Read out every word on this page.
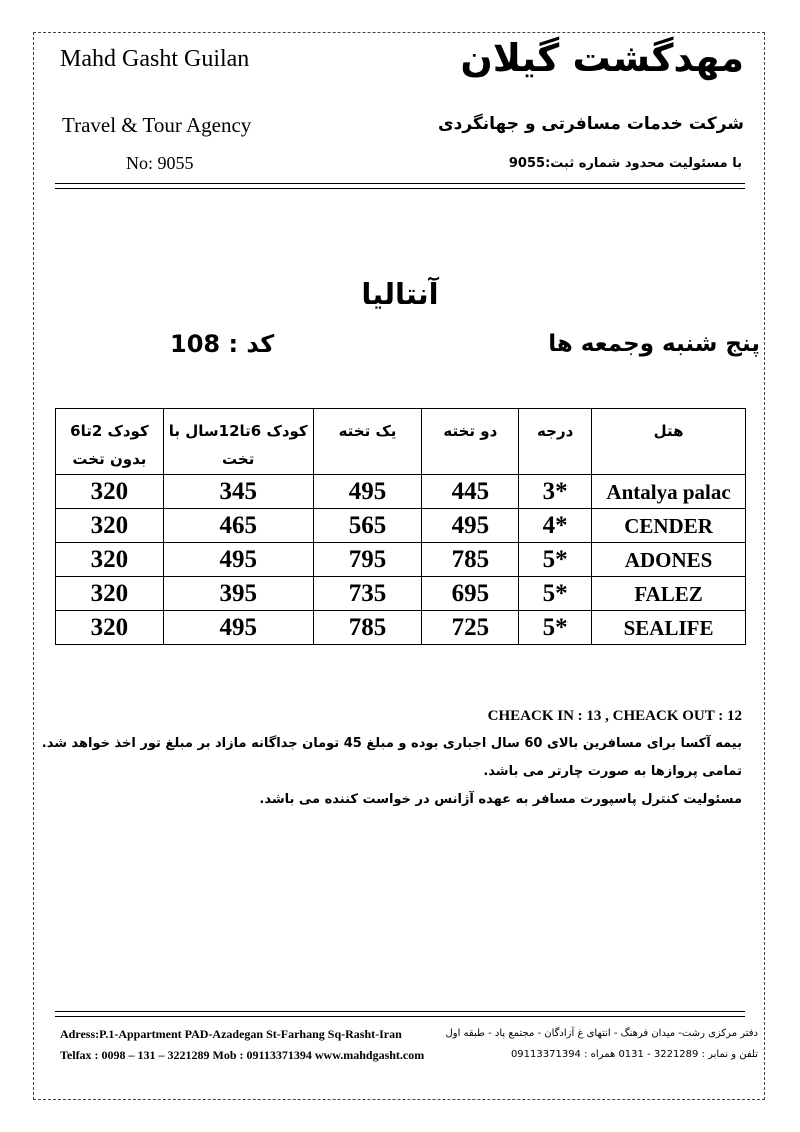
Mahd Gasht Guilan	مهدگشت گیلان
Travel & Tour Agency	شرکت خدمات مسافرتی و جهانگردی
No: 9055	با مسئولیت محدود شماره ثبت:9055
آنتالیا
کد : 108	پنج شنبه وجمعه ها
کودک 2تا6 بدون تخت	کودک 6تا12سال با تخت	یک تخته	دو تخته	درجه	هتل
320	345	495	445	3*	Antalya palac
320	465	565	495	4*	CENDER
320	495	795	785	5*	ADONES
320	395	735	695	5*	FALEZ
320	495	785	725	5*	SEALIFE
CHEACK IN : 13 , CHEACK OUT : 12
بیمه آکسا برای مسافرین بالای 60 سال اجباری بوده و مبلغ 45 تومان جداگانه مازاد بر مبلغ تور اخذ خواهد شد.
تمامی پروازها به صورت چارتر می باشد.
مسئولیت کنترل پاسپورت مسافر به عهده آژانس در خواست کننده می باشد.
Adress:P.1-Appartment PAD-Azadegan St-Farhang Sq-Rasht-Iran	دفتر مرکزی رشت- میدان فرهنگ - انتهای غ آزادگان - مجتمع پاد - طبقه اول
Telfax : 0098 – 131 – 3221289 Mob : 09113371394 www.mahdgasht.com	تلفن و نمابر : 3221289 - 0131 همراه : 09113371394
